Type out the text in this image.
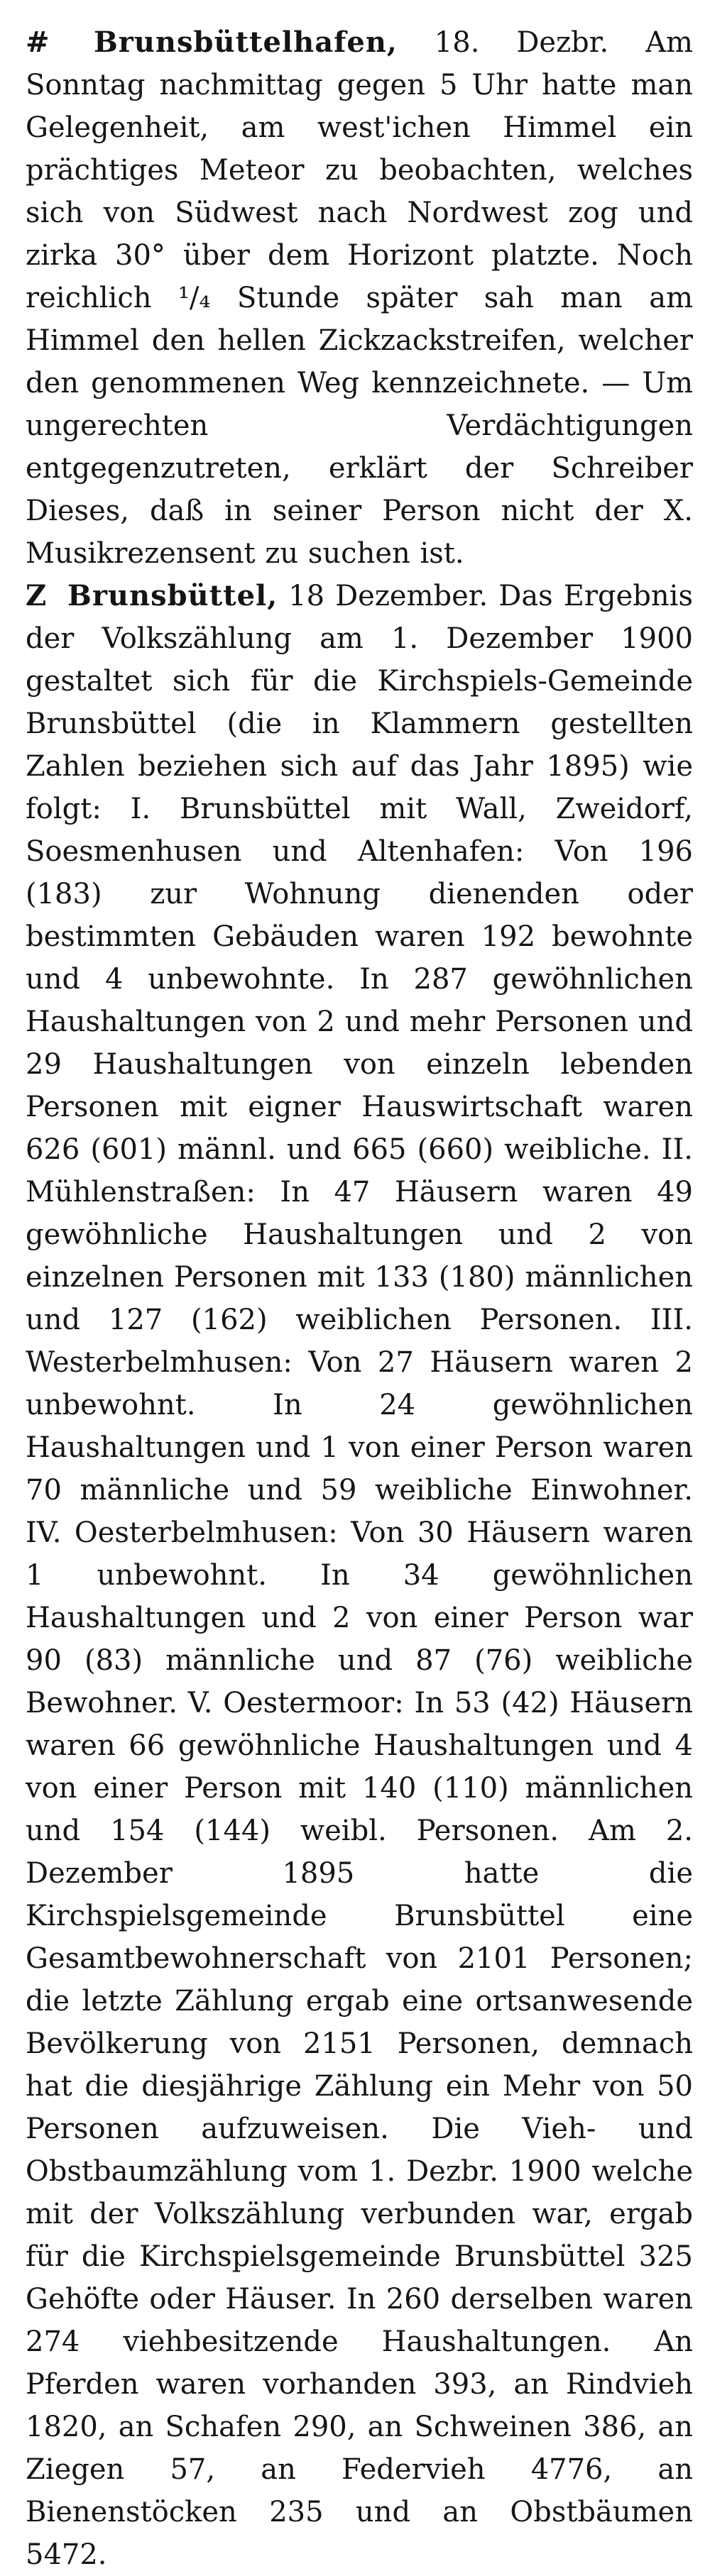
# Brunsbüttelhafen, 18. Dezbr. Am Sonntag nachmittag gegen 5 Uhr hatte man Gelegenheit, am west'ichen Himmel ein prächtiges Meteor zu beobachten, welches sich von Südwest nach Nordwest zog und zirka 30° über dem Horizont platzte. Noch reichlich ¹/₄ Stunde später sah man am Himmel den hellen Zickzackstreifen, welcher den genommenen Weg kennzeichnete. — Um ungerechten Verdächtigungen entgegenzutreten, erklärt der Schreiber Dieses, daß in seiner Person nicht der X. Musikrezensent zu suchen ist.

Z Brunsbüttel, 18 Dezember. Das Ergebnis der Volkszählung am 1. Dezember 1900 gestaltet sich für die Kirchspiels-Gemeinde Brunsbüttel (die in Klammern gestellten Zahlen beziehen sich auf das Jahr 1895) wie folgt: I. Brunsbüttel mit Wall, Zweidorf, Soesmenhusen und Altenhafen: Von 196 (183) zur Wohnung dienenden oder bestimmten Gebäuden waren 192 bewohnte und 4 unbewohnte. In 287 gewöhnlichen Haushaltungen von 2 und mehr Personen und 29 Haushaltungen von einzeln lebenden Personen mit eigner Hauswirtschaft waren 626 (601) männl. und 665 (660) weibliche. II. Mühlenstraßen: In 47 Häusern waren 49 gewöhnliche Haushaltungen und 2 von einzelnen Personen mit 133 (180) männlichen und 127 (162) weiblichen Personen. III. Westerbelmhusen: Von 27 Häusern waren 2 unbewohnt. In 24 gewöhnlichen Haushaltungen und 1 von einer Person waren 70 männliche und 59 weibliche Einwohner. IV. Oesterbelmhusen: Von 30 Häusern waren 1 unbewohnt. In 34 gewöhnlichen Haushaltungen und 2 von einer Person war 90 (83) männliche und 87 (76) weibliche Bewohner. V. Oestermoor: In 53 (42) Häusern waren 66 gewöhnliche Haushaltungen und 4 von einer Person mit 140 (110) männlichen und 154 (144) weibl. Personen. Am 2. Dezember 1895 hatte die Kirchspielsgemeinde Brunsbüttel eine Gesamtbewohnerschaft von 2101 Personen; die letzte Zählung ergab eine ortsanwesende Bevölkerung von 2151 Personen, demnach hat die diesjährige Zählung ein Mehr von 50 Personen aufzuweisen. Die Vieh- und Obstbaumzählung vom 1. Dezbr. 1900 welche mit der Volkszählung verbunden war, ergab für die Kirchspielsgemeinde Brunsbüttel 325 Gehöfte oder Häuser. In 260 derselben waren 274 viehbesitzende Haushaltungen. An Pferden waren vorhanden 393, an Rindvieh 1820, an Schafen 290, an Schweinen 386, an Ziegen 57, an Federvieh 4776, an Bienenstöcken 235 und an Obstbäumen 5472.
